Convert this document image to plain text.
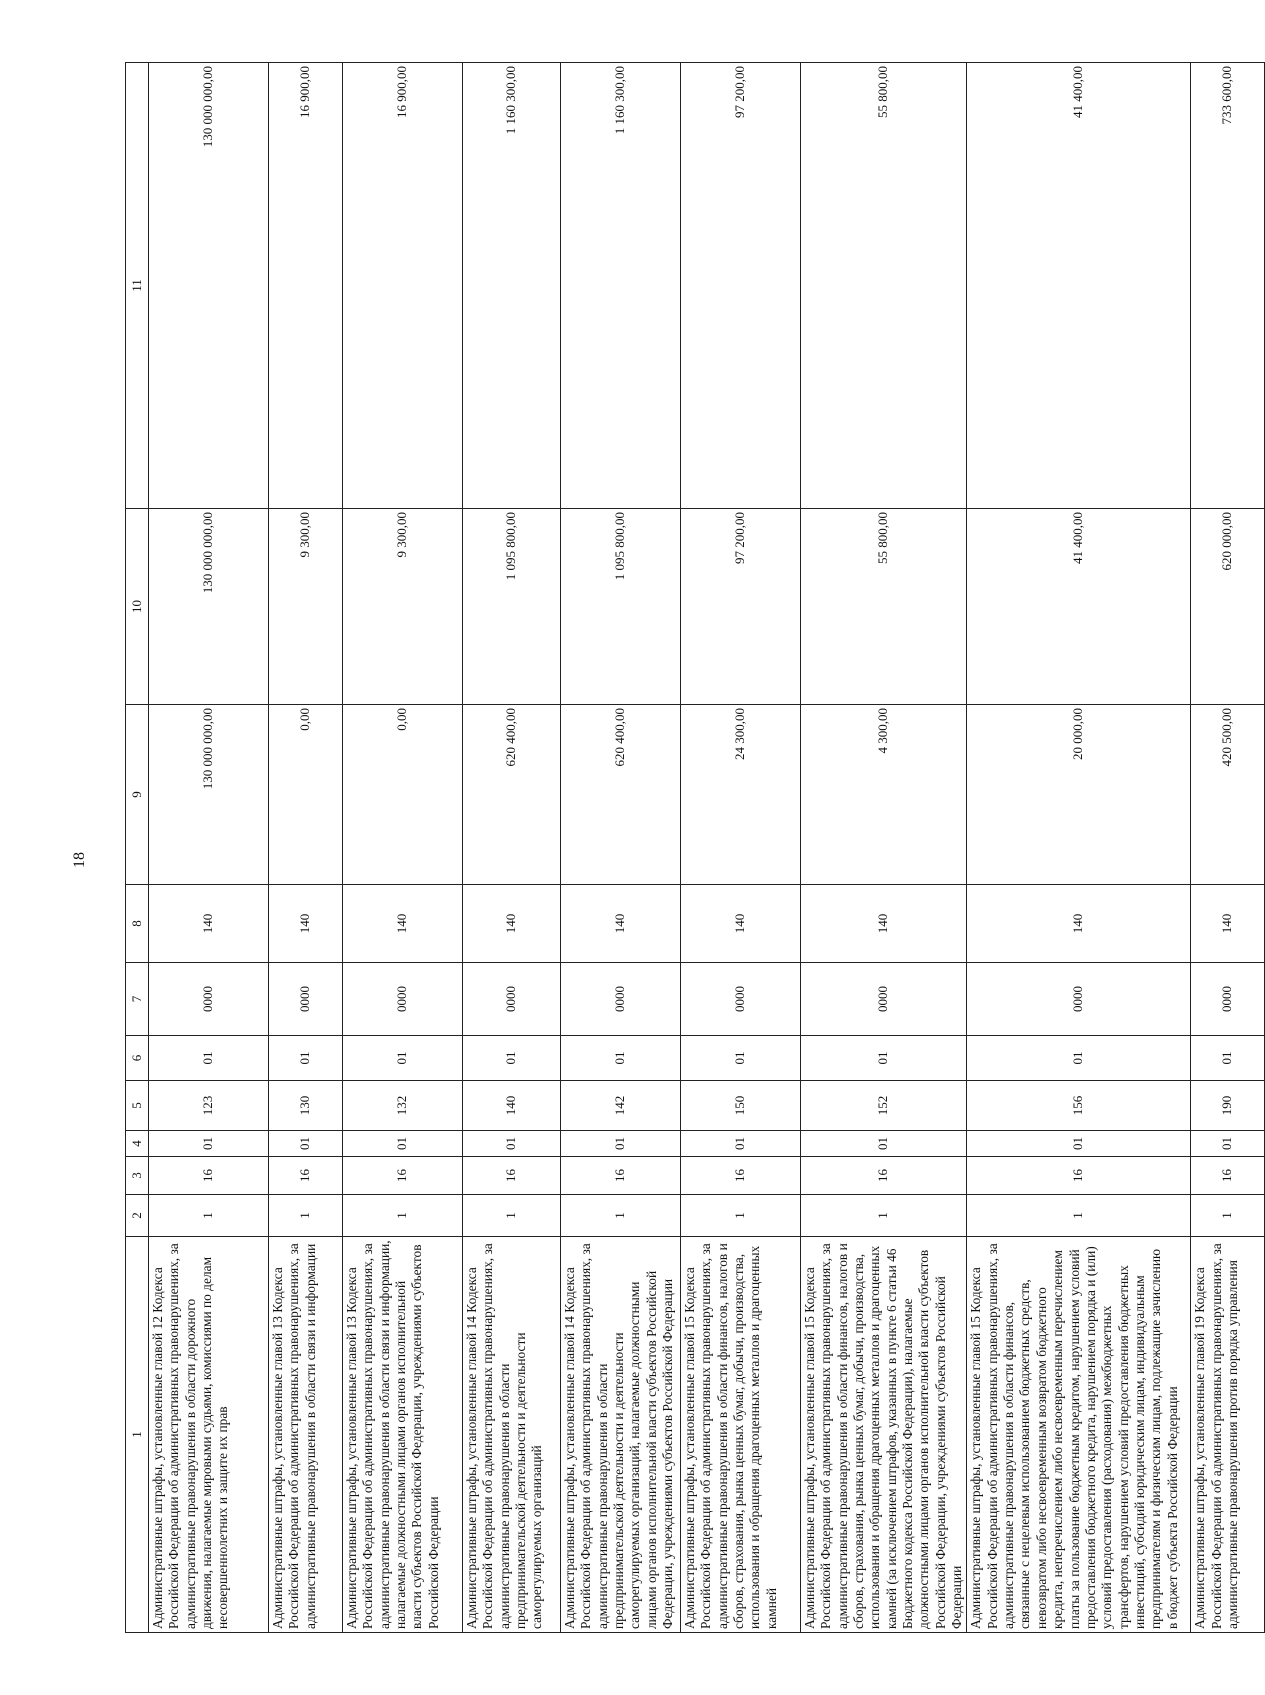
18
1	2	3	4	5	6	7	8	9	10	11
Административные штрафы, установленные главой 12 Кодекса Российской Федерации об административных правонарушениях, за административные правонарушения в области дорожного движения, налагаемые мировыми судьями, комиссиями по делам несовершеннолетних и защите их прав	1	16	01	123	01	0000	140	130 000 000,00	130 000 000,00	130 000 000,00
Административные штрафы, установленные главой 13 Кодекса Российской Федерации об административных правонарушениях, за административные правонарушения в области связи и информации	1	16	01	130	01	0000	140	0,00	9 300,00	16 900,00
Административные штрафы, установленные главой 13 Кодекса Российской Федерации об административных правонарушениях, за административные правонарушения в области связи и информации, налагаемые должностными лицами органов исполнительной власти субъектов Российской Федерации, учреждениями субъектов Российской Федерации	1	16	01	132	01	0000	140	0,00	9 300,00	16 900,00
Административные штрафы, установленные главой 14 Кодекса Российской Федерации об административных правонарушениях, за административные правонарушения в области предпринимательской деятельности и деятельности саморегулируемых организаций	1	16	01	140	01	0000	140	620 400,00	1 095 800,00	1 160 300,00
Административные штрафы, установленные главой 14 Кодекса Российской Федерации об административных правонарушениях, за административные правонарушения в области предпринимательской деятельности и деятельности саморегулируемых организаций, налагаемые должностными лицами органов исполнительной власти субъектов Российской Федерации, учреждениями субъектов Российской Федерации	1	16	01	142	01	0000	140	620 400,00	1 095 800,00	1 160 300,00
Административные штрафы, установленные главой 15 Кодекса Российской Федерации об административных правонарушениях, за административные правонарушения в области финансов, налогов и сборов, страхования, рынка ценных бумаг, добычи, производства, использования и обращения драгоценных металлов и драгоценных камней	1	16	01	150	01	0000	140	24 300,00	97 200,00	97 200,00
Административные штрафы, установленные главой 15 Кодекса Российской Федерации об административных правонарушениях, за административные правонарушения в области финансов, налогов и сборов, страхования, рынка ценных бумаг, добычи, производства, использования и обращения драгоценных металлов и драгоценных камней (за исключением штрафов, указанных в пункте 6 статьи 46 Бюджетного кодекса Российской Федерации), налагаемые должностными лицами органов исполнительной власти субъектов Российской Федерации, учреждениями субъектов Российской Федерации	1	16	01	152	01	0000	140	4 300,00	55 800,00	55 800,00
Административные штрафы, установленные главой 15 Кодекса Российской Федерации об административных правонарушениях, за административные правонарушения в области финансов, связанные с нецелевым использованием бюджетных средств, невозвратом либо несвоевременным возвратом бюджетного кредита, неперечислением либо несвоевременным перечислением платы за пользование бюджетным кредитом, нарушением условий предоставления бюджетного кредита, нарушением порядка и (или) условий предоставления (расходования) межбюджетных трансфертов, нарушением условий предоставления бюджетных инвестиций, субсидий юридическим лицам, индивидуальным предпринимателям и физическим лицам, подлежащие зачислению в бюджет субъекта Российской Федерации	1	16	01	156	01	0000	140	20 000,00	41 400,00	41 400,00
Административные штрафы, установленные главой 19 Кодекса Российской Федерации об административных правонарушениях, за административные правонарушения против порядка управления	1	16	01	190	01	0000	140	420 500,00	620 000,00	733 600,00
